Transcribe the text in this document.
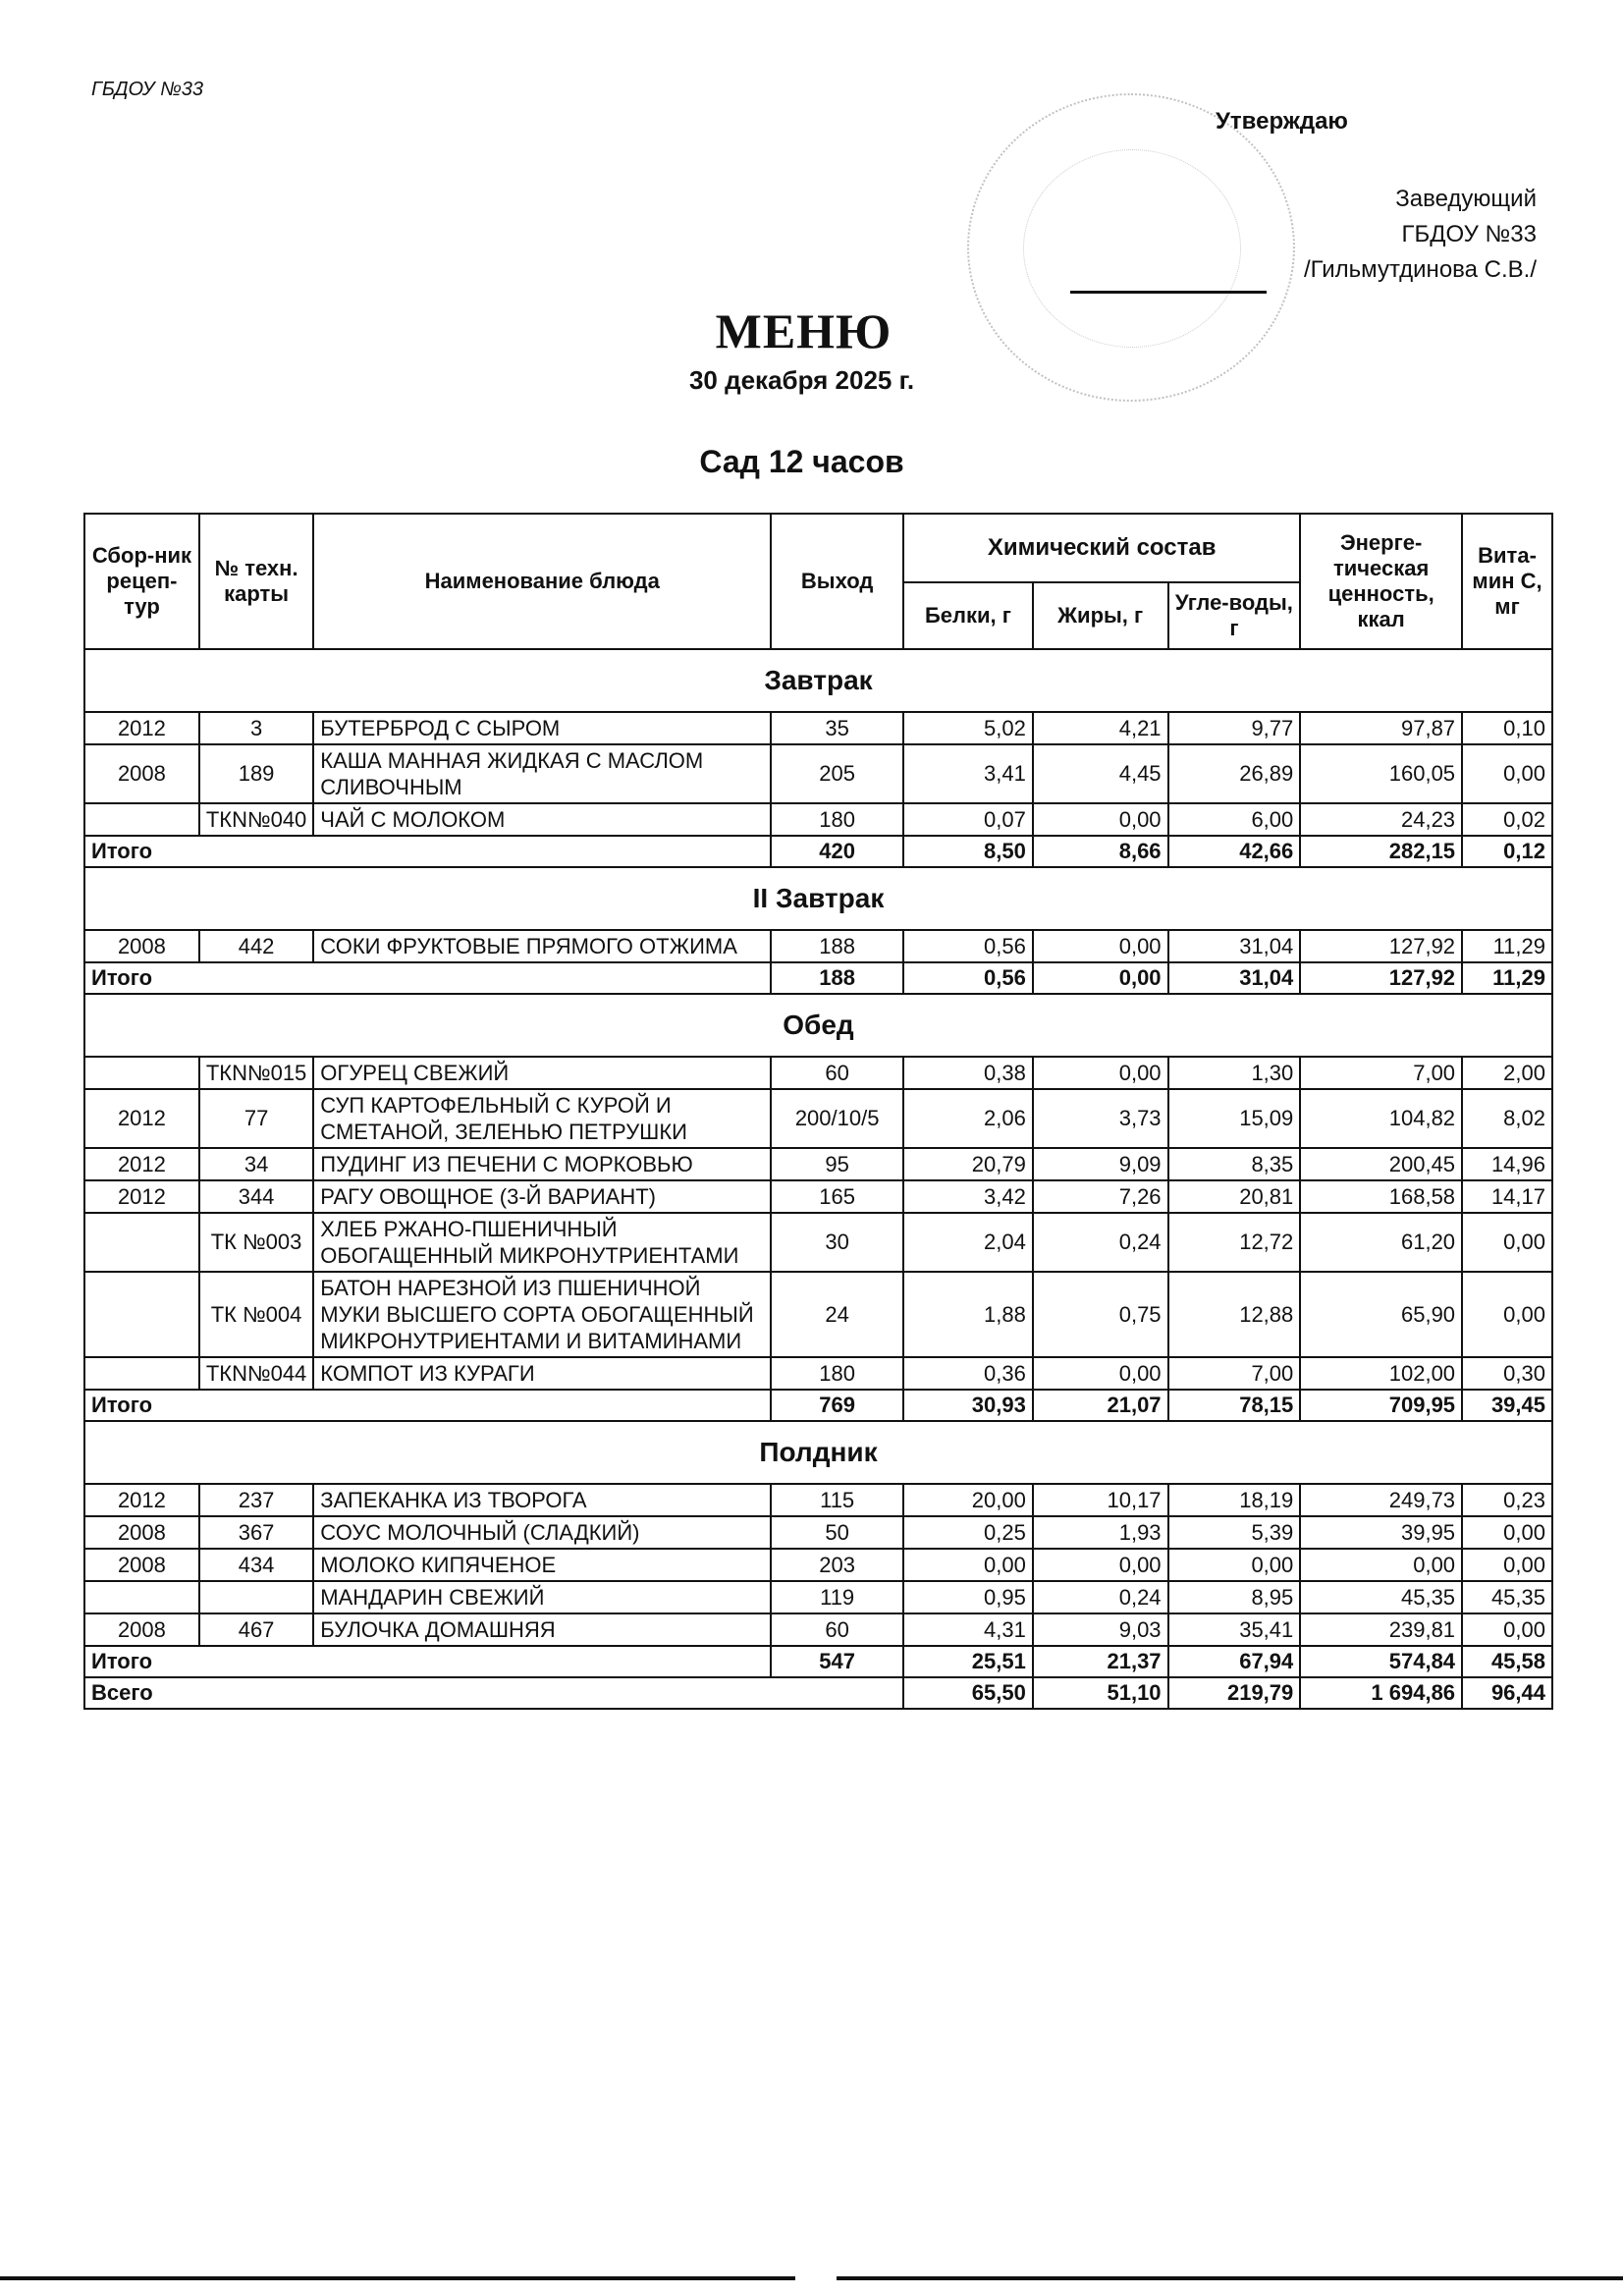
ГБДОУ №33
Утверждаю
Заведующий
ГБДОУ №33
/Гильмутдинова С.В./
МЕНЮ
30 декабря 2025 г.
Сад 12 часов
Сбор-ник рецеп-тур	№ техн. карты	Наименование блюда	Выход	Химический состав			Энерге-тическая ценность, ккал	Вита-мин С, мг
				Белки, г	Жиры, г	Угле-воды, г		
Завтрак								
2012	3	БУТЕРБРОД С СЫРОМ	35	5,02	4,21	9,77	97,87	0,10
2008	189	КАША МАННАЯ ЖИДКАЯ С МАСЛОМ СЛИВОЧНЫМ	205	3,41	4,45	26,89	160,05	0,00
	ТКN№040	ЧАЙ С МОЛОКОМ	180	0,07	0,00	6,00	24,23	0,02
Итого			420	8,50	8,66	42,66	282,15	0,12
II Завтрак								
2008	442	СОКИ ФРУКТОВЫЕ ПРЯМОГО ОТЖИМА	188	0,56	0,00	31,04	127,92	11,29
Итого			188	0,56	0,00	31,04	127,92	11,29
Обед								
	ТКN№015	ОГУРЕЦ СВЕЖИЙ	60	0,38	0,00	1,30	7,00	2,00
2012	77	СУП КАРТОФЕЛЬНЫЙ С КУРОЙ И СМЕТАНОЙ, ЗЕЛЕНЬЮ ПЕТРУШКИ	200/10/5	2,06	3,73	15,09	104,82	8,02
2012	34	ПУДИНГ ИЗ ПЕЧЕНИ С МОРКОВЬЮ	95	20,79	9,09	8,35	200,45	14,96
2012	344	РАГУ ОВОЩНОЕ (3-Й ВАРИАНТ)	165	3,42	7,26	20,81	168,58	14,17
	ТК №003	ХЛЕБ РЖАНО-ПШЕНИЧНЫЙ ОБОГАЩЕННЫЙ МИКРОНУТРИЕНТАМИ	30	2,04	0,24	12,72	61,20	0,00
	ТК №004	БАТОН НАРЕЗНОЙ ИЗ ПШЕНИЧНОЙ МУКИ ВЫСШЕГО СОРТА ОБОГАЩЕННЫЙ МИКРОНУТРИЕНТАМИ И ВИТАМИНАМИ	24	1,88	0,75	12,88	65,90	0,00
	ТКN№044	КОМПОТ ИЗ КУРАГИ	180	0,36	0,00	7,00	102,00	0,30
Итого			769	30,93	21,07	78,15	709,95	39,45
Полдник								
2012	237	ЗАПЕКАНКА ИЗ ТВОРОГА	115	20,00	10,17	18,19	249,73	0,23
2008	367	СОУС МОЛОЧНЫЙ (СЛАДКИЙ)	50	0,25	1,93	5,39	39,95	0,00
2008	434	МОЛОКО КИПЯЧЕНОЕ	203	0,00	0,00	0,00	0,00	0,00
		МАНДАРИН СВЕЖИЙ	119	0,95	0,24	8,95	45,35	45,35
2008	467	БУЛОЧКА ДОМАШНЯЯ	60	4,31	9,03	35,41	239,81	0,00
Итого			547	25,51	21,37	67,94	574,84	45,58
Всего				65,50	51,10	219,79	1 694,86	96,44
